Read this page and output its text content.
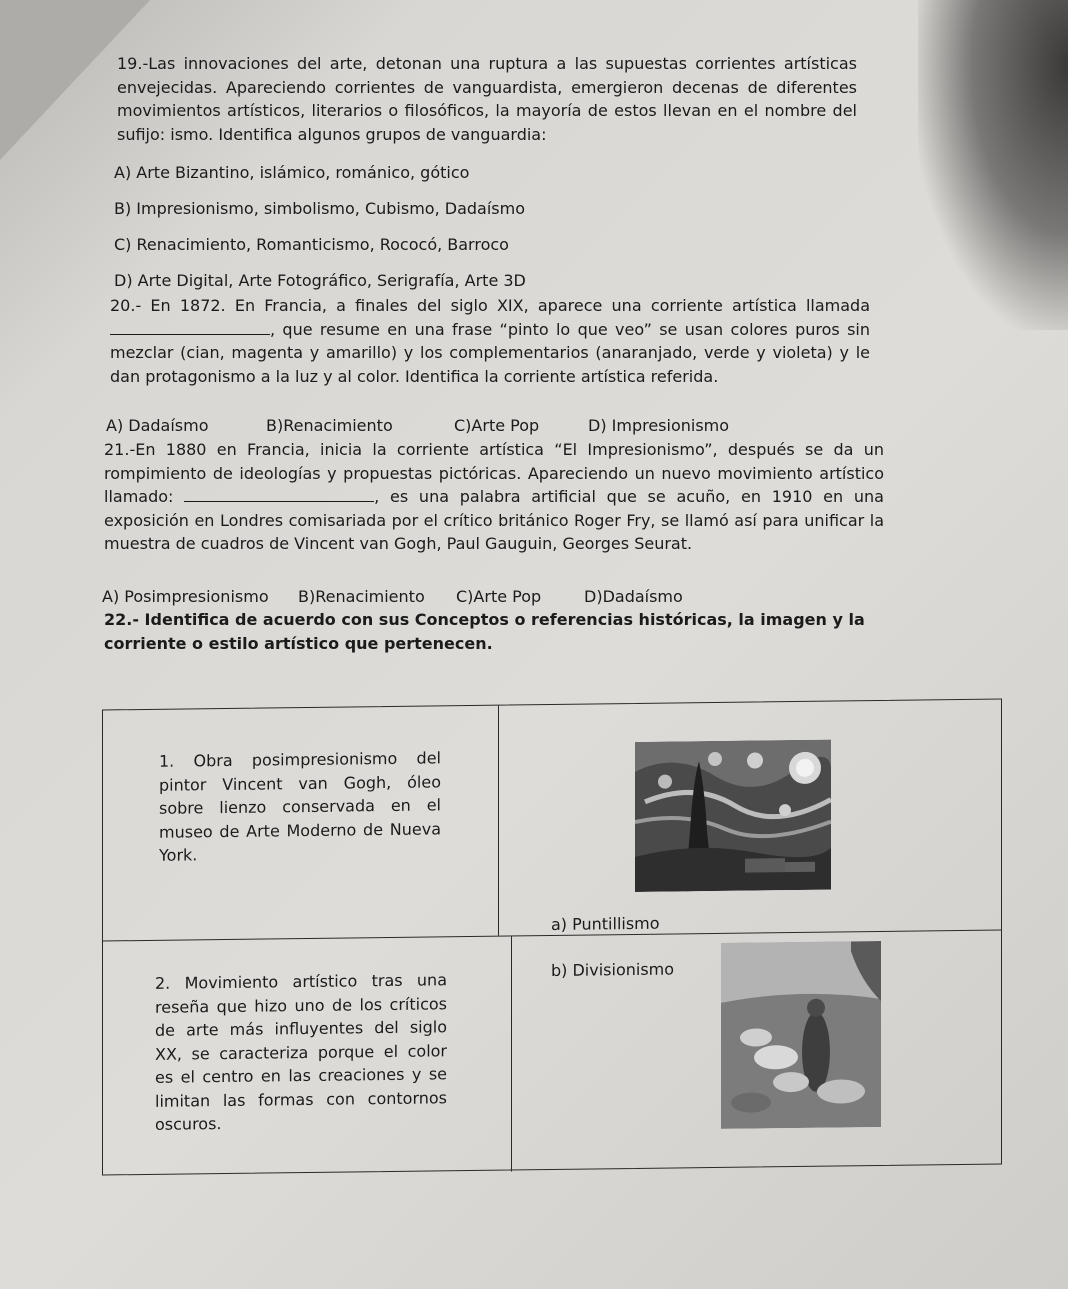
19.-Las innovaciones del arte, detonan una ruptura a las supuestas corrientes artísticas envejecidas. Apareciendo corrientes de vanguardista, emergieron decenas de diferentes movimientos artísticos, literarios o filosóficos, la mayoría de estos llevan en el nombre del sufijo: ismo. Identifica algunos grupos de vanguardia:

A) Arte Bizantino, islámico, románico, gótico

B) Impresionismo, simbolismo, Cubismo, Dadaísmo

C) Renacimiento, Romanticismo, Rococó, Barroco

D) Arte Digital, Arte Fotográfico, Serigrafía, Arte 3D

20.- En 1872. En Francia, a finales del siglo XIX, aparece una corriente artística llamada, que resume en una frase “pinto lo que veo” se usan colores puros sin mezclar (cian, magenta y amarillo) y los complementarios (anaranjado, verde y violeta) y le dan protagonismo a la luz y al color. Identifica la corriente artística referida.

A) Dadaísmo	B)Renacimiento	C)Arte Pop	D) Impresionismo

21.-En 1880 en Francia, inicia la corriente artística “El Impresionismo”, después se da un rompimiento de ideologías y propuestas pictóricas. Apareciendo un nuevo movimiento artístico llamado:	, es una palabra artificial que se acuño, en 1910 en una exposición en Londres comisariada por el crítico británico Roger Fry, se llamó así para unificar la muestra de cuadros de Vincent van Gogh, Paul Gauguin, Georges Seurat.

A) Posimpresionismo B)Renacimiento C)Arte Pop	D)Dadaísmo

22.- Identifica de acuerdo con sus Conceptos o referencias históricas, la imagen y la corriente o estilo artístico que pertenecen.

1. Obra posimpresionismo del pintor Vincent van Gogh, óleo sobre lienzo conservada en el museo de Arte Moderno de Nueva York.
2. Movimiento artístico tras una reseña que hizo uno de los críticos de arte más influyentes del siglo XX, se caracteriza porque el color es el centro en las creaciones y se limitan las formas con contornos oscuros.
a) Puntillismo
b) Divisionismo
